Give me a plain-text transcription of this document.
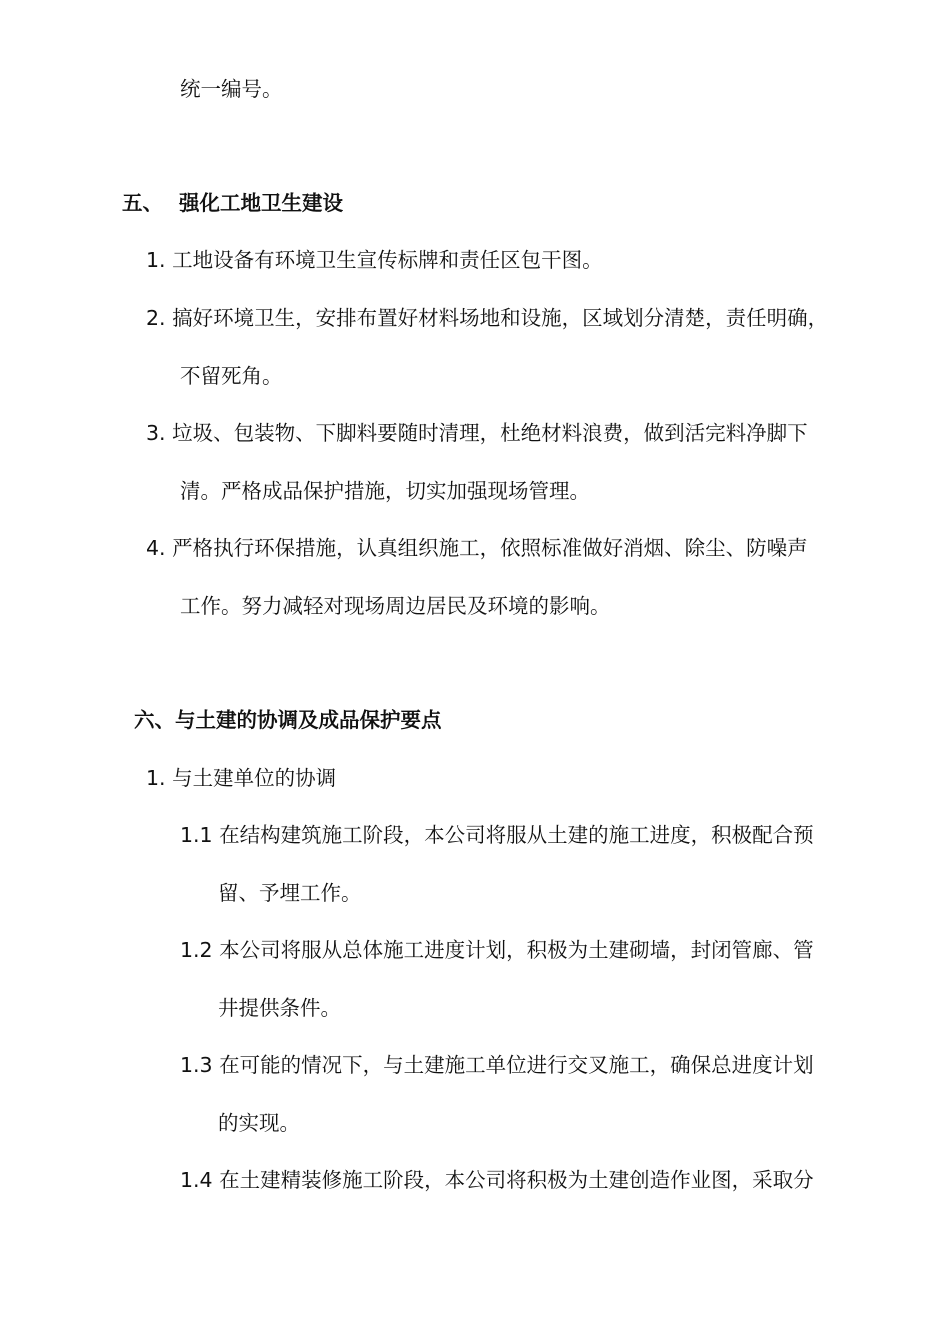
统一编号。
五、 强化工地卫生建设
1. 工地设备有环境卫生宣传标牌和责任区包干图。
2. 搞好环境卫生，安排布置好材料场地和设施，区域划分清楚，责任明确，
不留死角。
3. 垃圾、包装物、下脚料要随时清理，杜绝材料浪费，做到活完料净脚下
清。严格成品保护措施，切实加强现场管理。
4. 严格执行环保措施，认真组织施工，依照标准做好消烟、除尘、防噪声
工作。努力减轻对现场周边居民及环境的影响。
六、与土建的协调及成品保护要点
1. 与土建单位的协调
1.1 在结构建筑施工阶段，本公司将服从土建的施工进度，积极配合预
留、予埋工作。
1.2 本公司将服从总体施工进度计划，积极为土建砌墙，封闭管廊、管
井提供条件。
1.3 在可能的情况下，与土建施工单位进行交叉施工，确保总进度计划
的实现。
1.4 在土建精装修施工阶段，本公司将积极为土建创造作业图，采取分
